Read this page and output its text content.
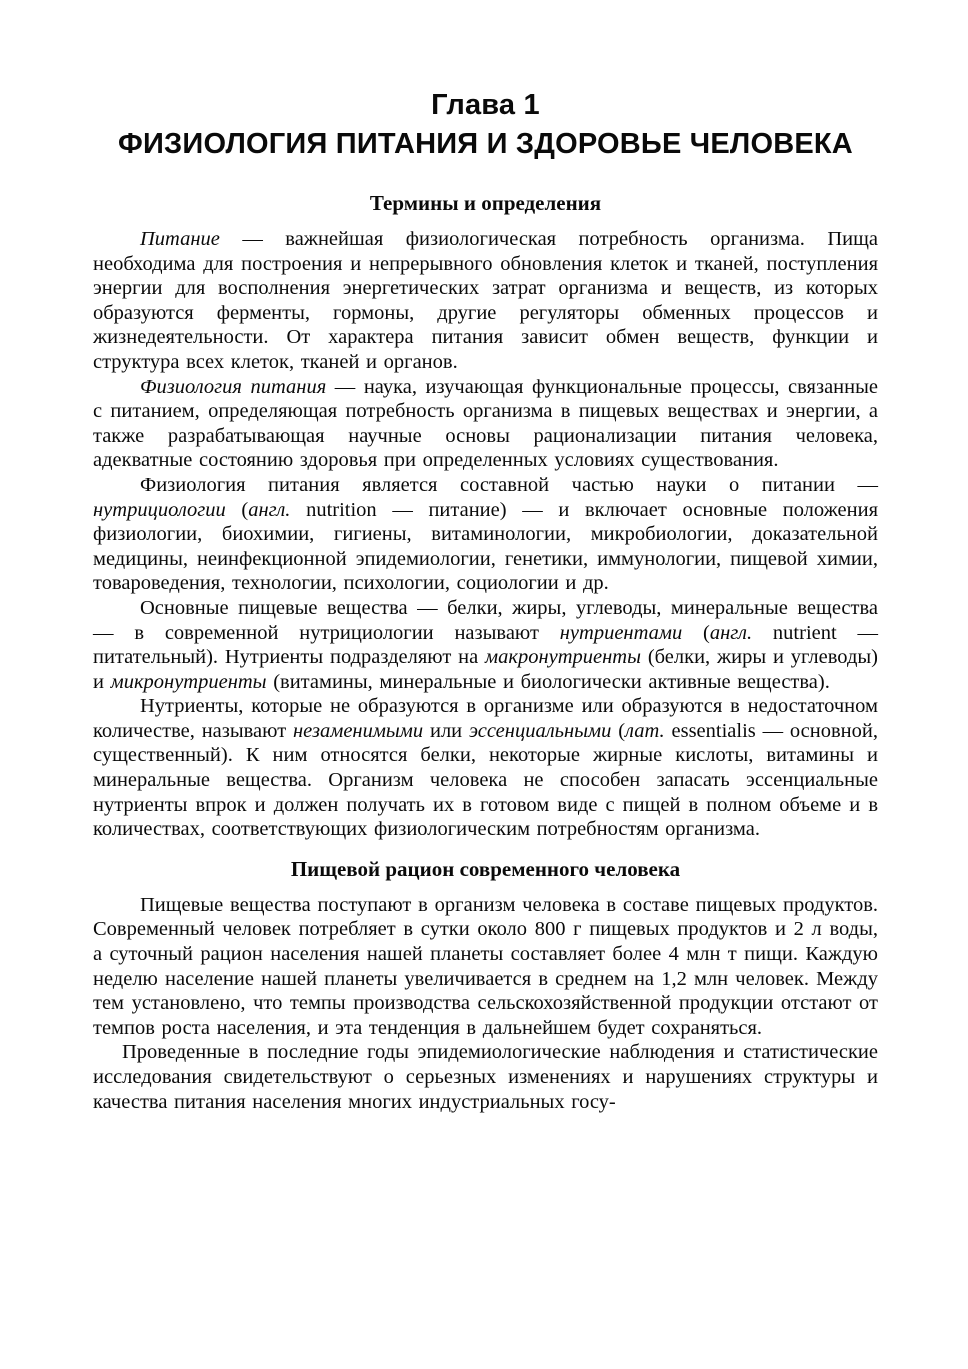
Глава 1
ФИЗИОЛОГИЯ ПИТАНИЯ И ЗДОРОВЬЕ ЧЕЛОВЕКА
Термины и определения

Питание — важнейшая физиологическая потребность организма. Пища необходима для построения и непрерывного обновления клеток и тканей, поступления энергии для восполнения энергетических затрат организма и веществ, из которых образуются ферменты, гормоны, другие регуляторы обменных процессов и жизнедеятельности. От характера питания зависит обмен веществ, функции и структура всех клеток, тканей и органов.

Физиология питания — наука, изучающая функциональные процессы, связанные с питанием, определяющая потребность организма в пищевых веществах и энергии, а также разрабатывающая научные основы рационализации питания человека, адекватные состоянию здоровья при определенных условиях существования.

Физиология питания является составной частью науки о питании — нутрициологии (англ. nutrition — питание) — и включает основные положения физиологии, биохимии, гигиены, витаминологии, микробиологии, доказательной медицины, неинфекционной эпидемиологии, генетики, иммунологии, пищевой химии, товароведения, технологии, психологии, социологии и др.

Основные пищевые вещества — белки, жиры, углеводы, минеральные вещества — в современной нутрициологии называют нутриентами (англ. nutrient — питательный). Нутриенты подразделяют на макронутриенты (белки, жиры и углеводы) и микронутриенты (витамины, минеральные и биологически активные вещества).

Нутриенты, которые не образуются в организме или образуются в недостаточном количестве, называют незаменимыми или эссенциальными (лат. essentialis — основной, существенный). К ним относятся белки, некоторые жирные кислоты, витамины и минеральные вещества. Организм человека не способен запасать эссенциальные нутриенты впрок и должен получать их в готовом виде с пищей в полном объеме и в количествах, соответствующих физиологическим потребностям организма.

Пищевой рацион современного человека

Пищевые вещества поступают в организм человека в составе пищевых продуктов. Современный человек потребляет в сутки около 800 г пищевых продуктов и 2 л воды, а суточный рацион населения нашей планеты составляет более 4 млн т пищи. Каждую неделю население нашей планеты увеличивается в среднем на 1,2 млн человек. Между тем установлено, что темпы производства сельскохозяйственной продукции отстают от темпов роста населения, и эта тенденция в дальнейшем будет сохраняться.

Проведенные в последние годы эпидемиологические наблюдения и статистические исследования свидетельствуют о серьезных изменениях и нарушениях структуры и качества питания населения многих индустриальных госу-
